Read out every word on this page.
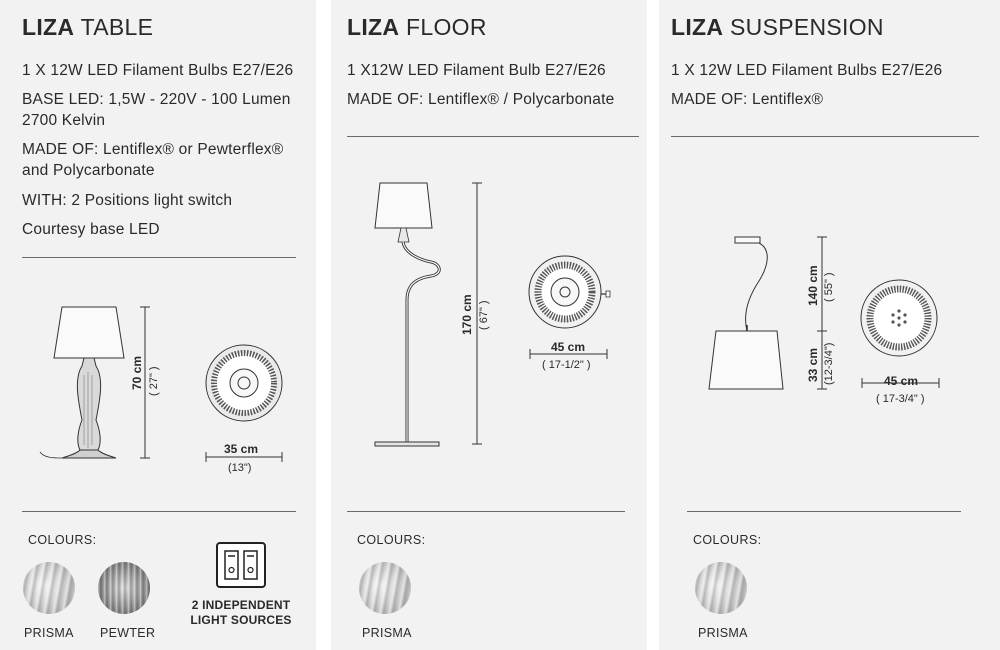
LIZA TABLE
1 X 12W LED Filament Bulbs E27/E26
BASE LED: 1,5W - 220V - 100 Lumen
2700 Kelvin
MADE OF: Lentiflex® or Pewterflex®
and Polycarbonate
WITH: 2 Positions light switch
Courtesy base LED
70 cm ( 27" )
35 cm
(13")
COLOURS:
PRISMA PEWTER
2 INDEPENDENT
LIGHT SOURCES
LIZA FLOOR
1 X12W LED Filament Bulb E27/E26
MADE OF: Lentiflex® / Polycarbonate
170 cm ( 67" )
45 cm
( 17-1/2" )
COLOURS:
PRISMA
LIZA SUSPENSION
1 X 12W LED Filament Bulbs E27/E26
MADE OF: Lentiflex®
140 cm ( 55" )
33 cm (12-3/4")	45 cm
( 17-3/4" )
COLOURS:
PRISMA
